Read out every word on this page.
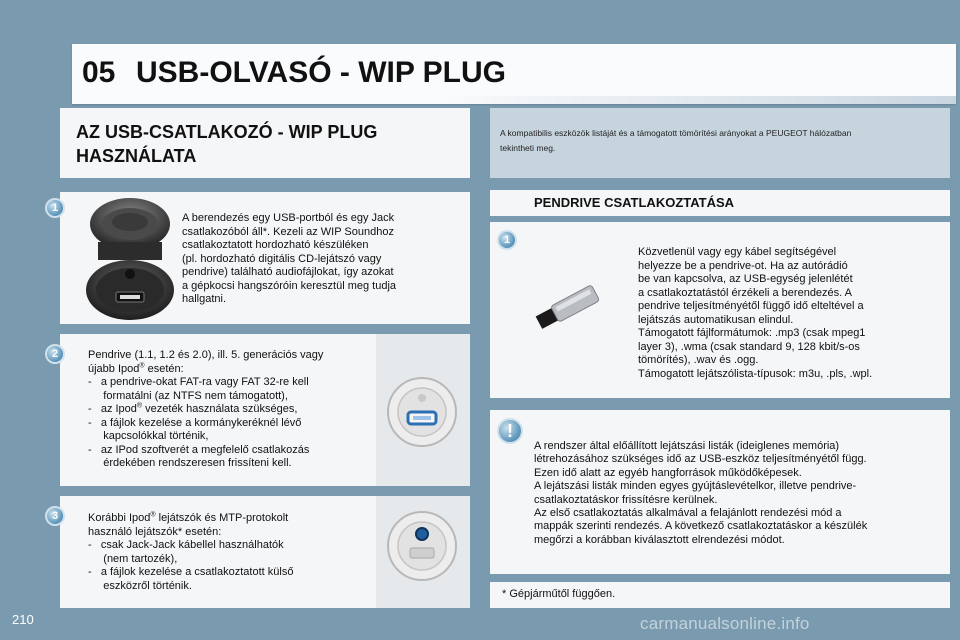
05 USB-OLVASÓ - WIP PLUG
AZ USB-CSATLAKOZÓ - WIP PLUG
HASZNÁLATA
A kompatibilis eszközök listáját és a támogatott tömörítési arányokat a PEUGEOT hálózatban
tekintheti meg.
1
A berendezés egy USB-portból és egy Jack
csatlakozóból áll*. Kezeli az WIP Soundhoz
csatlakoztatott hordozható készüléken
(pl. hordozható digitális CD-lejátszó vagy
pendrive) található audiofájlokat, így azokat
a gépkocsi hangszóróin keresztül meg tudja
hallgatni.
2	Pendrive (1.1, 1.2 és 2.0), ill. 5. generációs vagy
újabb Ipod® esetén:
-   a pendrive-okat FAT-ra vagy FAT 32-re kell
formatálni (az NTFS nem támogatott),
-   az Ipod® vezeték használata szükséges,
-   a fájlok kezelése a kormánykeréknél lévő
kapcsolókkal történik,
-   az IPod szoftverét a megfelelő csatlakozás
érdekében rendszeresen frissíteni kell.
3	Korábbi Ipod® lejátszók és MTP-protokolt
használó lejátszók* esetén:
-   csak Jack-Jack kábellel használhatók
(nem tartozék),
-   a fájlok kezelése a csatlakoztatott külső
eszközről történik.
PENDRIVE CSATLAKOZTATÁSA
1
Közvetlenül vagy egy kábel segítségével
helyezze be a pendrive-ot. Ha az autórádió
be van kapcsolva, az USB-egység jelenlétét
a csatlakoztatástól érzékeli a berendezés. A
pendrive teljesítményétől függő idő elteltével a
lejátszás automatikusan elindul.
Támogatott fájlformátumok: .mp3 (csak mpeg1
layer 3), .wma (csak standard 9, 128 kbit/s-os
tömörítés), .wav és .ogg.
Támogatott lejátszólista-típusok: m3u, .pls, .wpl.
A rendszer által előállított lejátszási listák (ideiglenes memória)
létrehozásához szükséges idő az USB-eszköz teljesítményétől függ.
Ezen idő alatt az egyéb hangforrások működőképesek.
A lejátszási listák minden egyes gyújtáslevételkor, illetve pendrive-
csatlakoztatáskor frissítésre kerülnek.
Az első csatlakoztatás alkalmával a felajánlott rendezési mód a
mappák szerinti rendezés. A következő csatlakoztatáskor a készülék
megőrzi a korábban kiválasztott elrendezési módot.
!
* Gépjárműtől függően.
210	carmanualsonline.info
